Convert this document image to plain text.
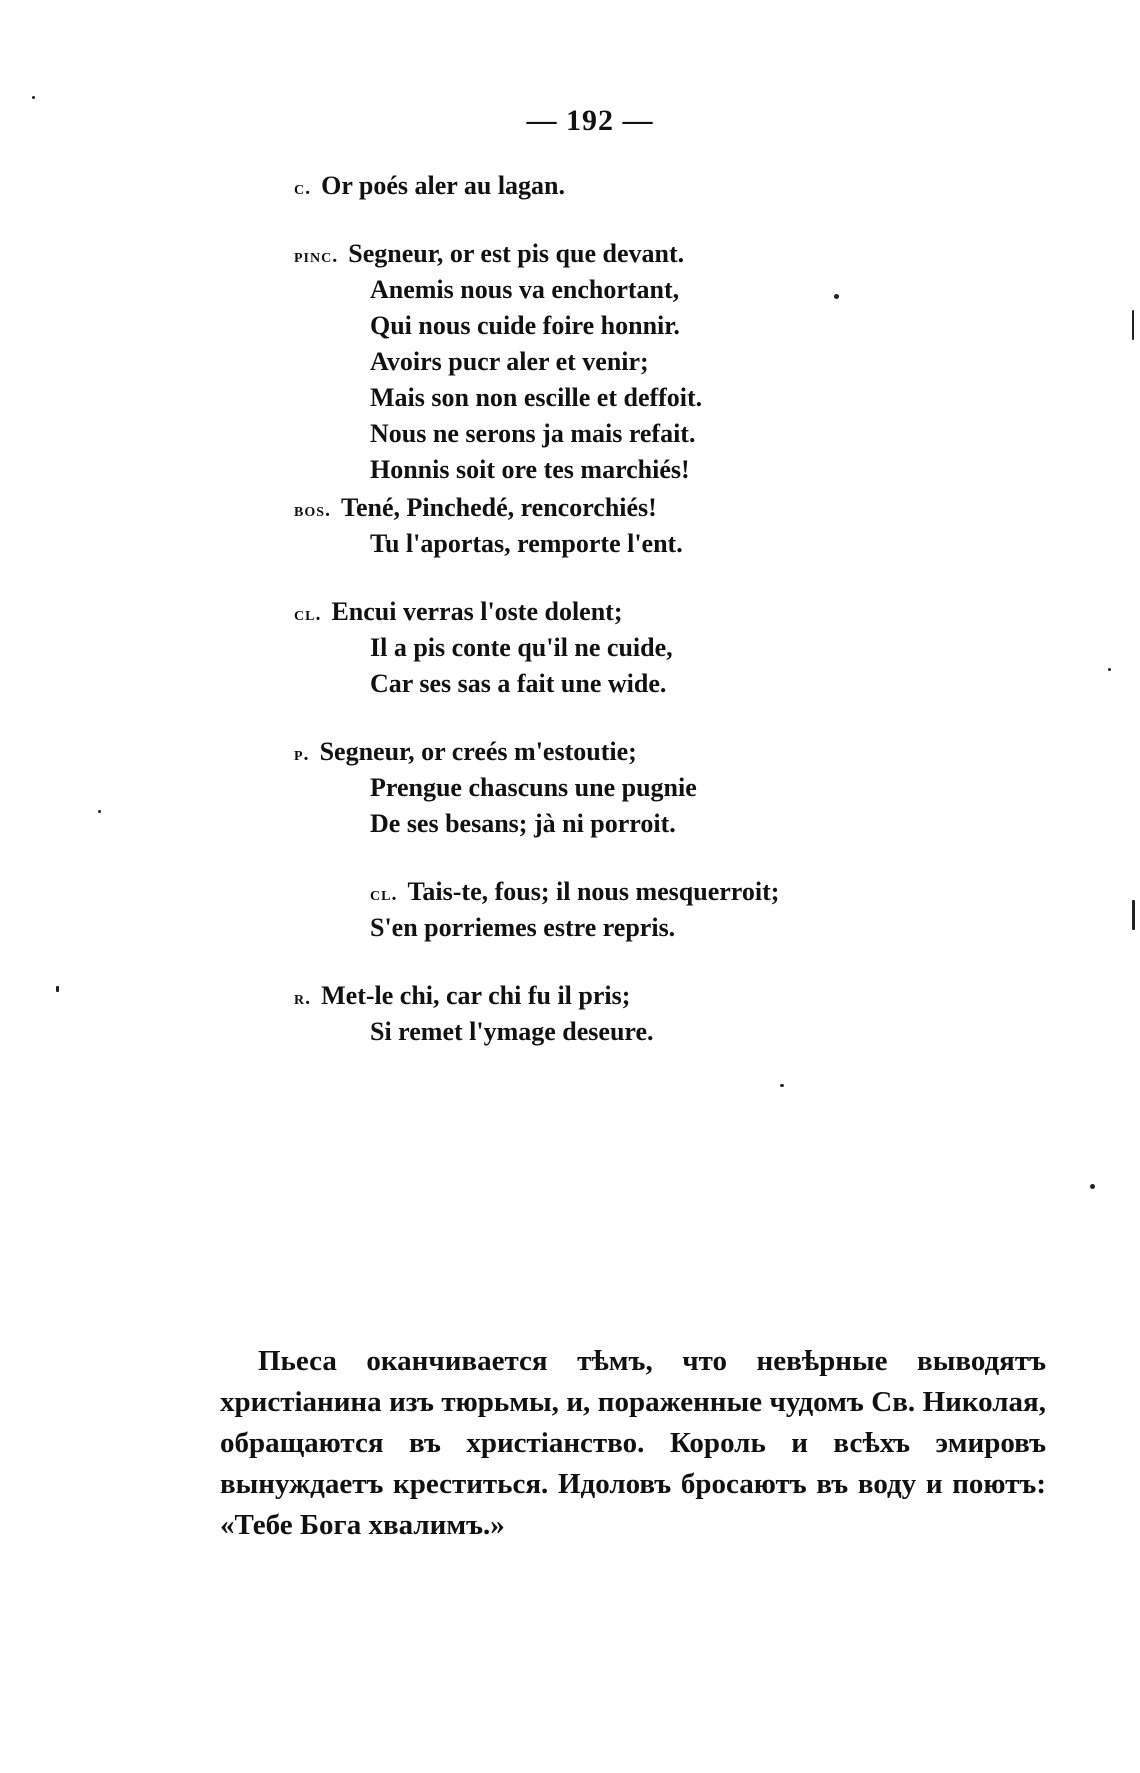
— 192 —
c. Or poés aler au lagan.
pinc. Segneur, or est pis que devant.
Anemis nous va enchortant,
Qui nous cuide foire honnir.
Avoirs pucr aler et venir;
Mais son non escille et deffoit.
Nous ne serons ja mais refait.
Honnis soit ore tes marchiés!
bos. Tené, Pinchedé, rencorchiés!
Tu l'aportas, remporte l'ent.
cl. Encui verras l'oste dolent;
Il a pis conte qu'il ne cuide,
Car ses sas a fait une wide.
p. Segneur, or creés m'estoutie;
Prengue chascuns une pugnie
De ses besans; jà ni porroit.
cl. Tais-te, fous; il nous mesquerroit;
S'en porriemes estre repris.
r. Met-le chi, car chi fu il pris;
Si remet l'ymage deseure.

Пьеса оканчивается тѣмъ, что невѣрные выводятъ христіанина изъ тюрьмы, и, пораженные чудомъ Св. Николая, обращаются въ христіанство. Король и всѣхъ эмировъ вынуждаетъ креститься. Идоловъ бросаютъ въ воду и поютъ: «Тебе Бога хвалимъ.»
